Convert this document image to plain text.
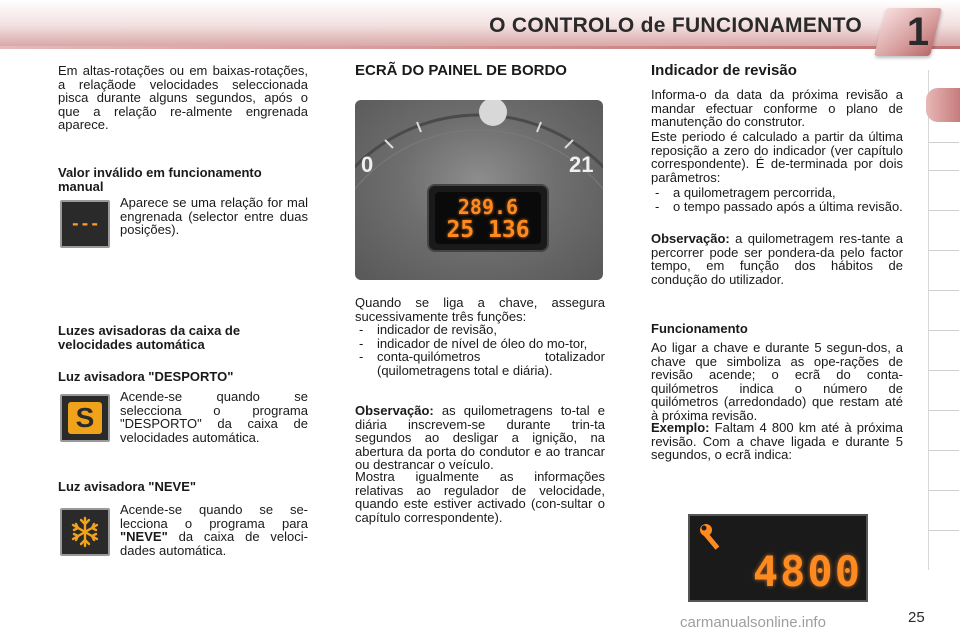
O CONTROLO de FUNCIONAMENTO 1
Em altas-rotações ou em baixas-rotações, a relaçãode velocidades seleccionada pisca durante alguns segundos, após o que a relação re-almente engrenada aparece.
Valor inválido em funcionamento manual
---
Aparece se uma relação for mal engrenada (selector entre duas posições).
Luzes avisadoras da caixa de velocidades automática
Luz avisadora "DESPORTO"
S
Acende-se quando se selecciona o programa "DESPORTO" da caixa de velocidades automática.
Luz avisadora "NEVE"
Acende-se quando se se-lecciona o programa para "NEVE" da caixa de veloci-dades automática.
ECRÃ DO PAINEL DE BORDO
0	21
289.6
25 136
Quando se liga a chave, assegura sucessivamente três funções:
- indicador de revisão,
- indicador de nível de óleo do mo-tor,
- conta-quilómetros totalizador (quilometragens total e diária).
Observação: as quilometragens to-tal e diária inscrevem-se durante trin-ta segundos ao desligar a ignição, na abertura da porta do condutor e ao trancar ou destrancar o veículo.
Mostra igualmente as informações relativas ao regulador de velocidade, quando este estiver activado (con-sultar o capítulo correspondente).
Indicador de revisão
Informa-o da data da próxima revisão a mandar efectuar conforme o plano de manutenção do construtor.
Este periodo é calculado a partir da última reposição a zero do indicador (ver capítulo correspondente). É de-terminada por dois parâmetros:
- a quilometragem percorrida,
- o tempo passado após a última revisão.
Observação: a quilometragem res-tante a percorrer pode ser pondera-da pelo factor tempo, em função dos hábitos de condução do utilizador.
Funcionamento
Ao ligar a chave e durante 5 segun-dos, a chave que simboliza as ope-rações de revisão acende; o ecrã do conta-quilómetros indica o número de quilómetros (arredondado) que restam até à próxima revisão.
Exemplo: Faltam 4 800 km até à próxima revisão. Com a chave ligada e durante 5 segundos, o ecrã indica:
4800
carmanualsonline.info	25
